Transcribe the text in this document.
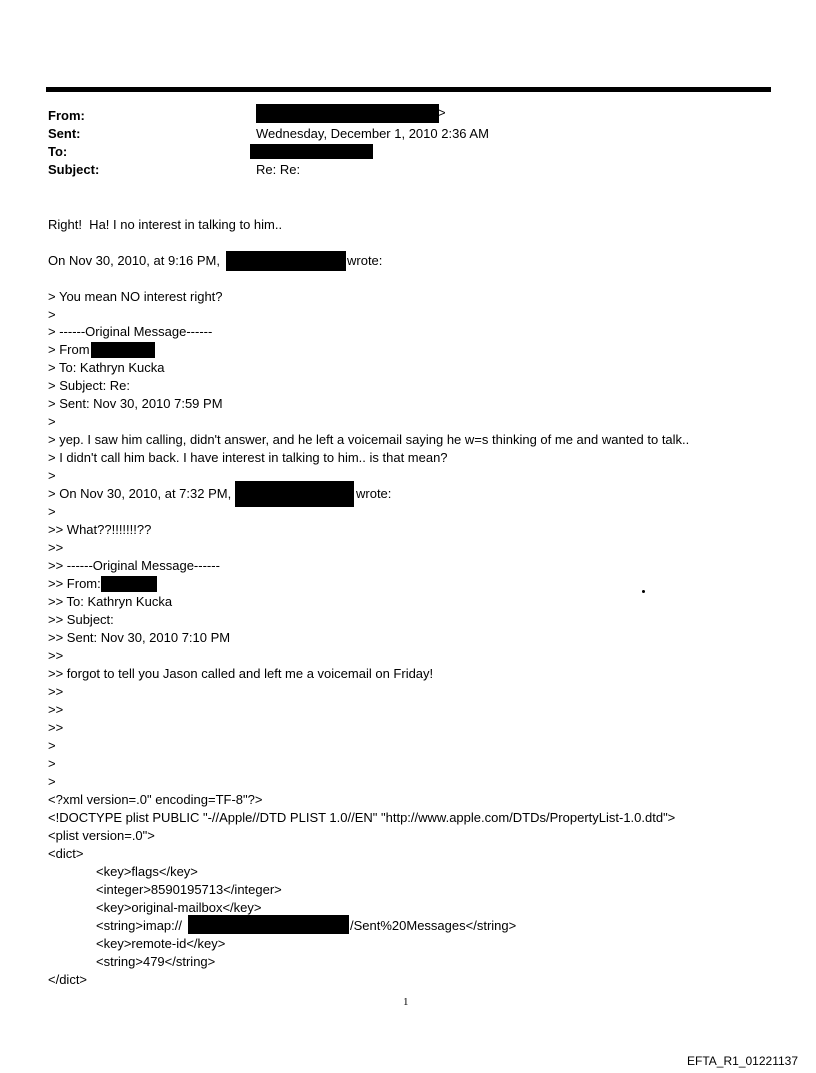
From:	>
Sent:	Wednesday, December 1, 2010 2:36 AM
To:
Subject:	Re: Re:
Right!  Ha! I no interest in talking to him..
On Nov 30, 2010, at 9:16 PM,	wrote:
> You mean NO interest right?
>
> ------Original Message------
> From
> To: Kathryn Kucka
> Subject: Re:
> Sent: Nov 30, 2010 7:59 PM
>
> yep. I saw him calling, didn't answer, and he left a voicemail saying he w=s thinking of me and wanted to talk..
> I didn't call him back. I have interest in talking to him.. is that mean?
>
> On Nov 30, 2010, at 7:32 PM,	wrote:
>
>> What??!!!!!!!??
>>
>> ------Original Message------
>> From:
>> To: Kathryn Kucka
>> Subject:
>> Sent: Nov 30, 2010 7:10 PM
>>
>> forgot to tell you Jason called and left me a voicemail on Friday!
>>
>>
>>
>
>
>
<?xml version=.0" encoding=TF-8"?>
<!DOCTYPE plist PUBLIC "-//Apple//DTD PLIST 1.0//EN" "http://www.apple.com/DTDs/PropertyList-1.0.dtd">
<plist version=.0">
<dict>
<key>flags</key>
<integer>8590195713</integer>
<key>original-mailbox</key>
<string>imap://	/Sent%20Messages</string>
<key>remote-id</key>
<string>479</string>
</dict>
1
EFTA_R1_01221137
